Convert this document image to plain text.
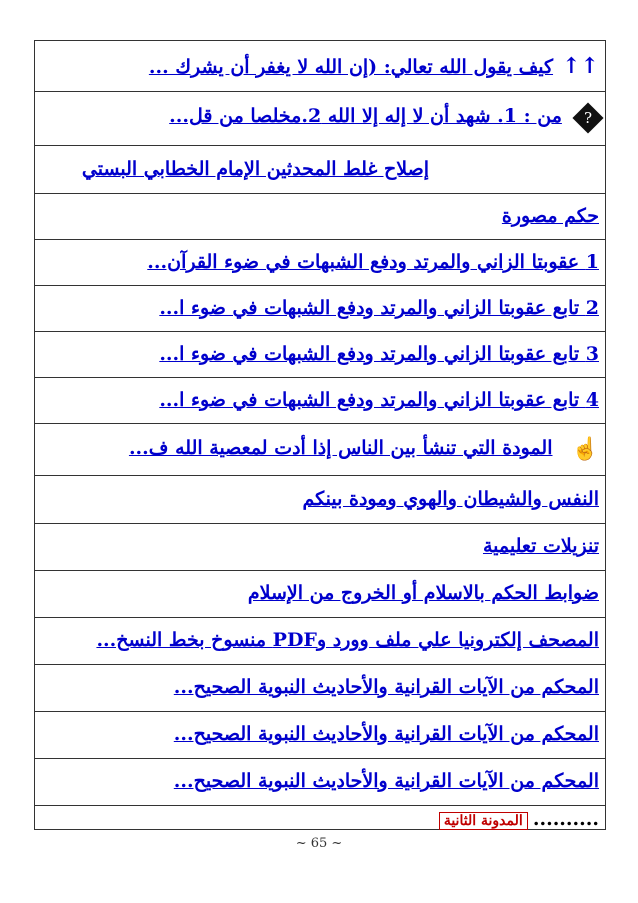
↑↑ كيف يقول الله تعالي: (إن الله لا يغفر أن يشرك ...
? من : 1. شهد أن لا إله إلا الله 2.مخلصا من قل...
إصلاح غلط المحدثين الإمام الخطابي البستي
حكم مصورة
1 عقوبتا الزاني والمرتد ودفع الشبهات في ضوء القرآن...
2 تابع عقوبتا الزاني والمرتد ودفع الشبهات في ضوء ا...
3 تابع عقوبتا الزاني والمرتد ودفع الشبهات في ضوء ا...
4 تابع عقوبتا الزاني والمرتد ودفع الشبهات في ضوء ا...
☝ المودة التي تنشأ بين الناس إذا أدت لمعصية الله ف...
النفس والشيطان والهوي ومودة بينكم
تنزيلات تعليمية
ضوابط الحكم بالاسلام أو الخروج من الإسلام
المصحف إلكترونيا علي ملف وورد وPDF منسوخ بخط النسخ...
المحكم من الآيات القرانية والأحاديث النبوية الصحيح...
المحكم من الآيات القرانية والأحاديث النبوية الصحيح...
المحكم من الآيات القرانية والأحاديث النبوية الصحيح...
.......... المدونة الثانية
~ 65 ~
